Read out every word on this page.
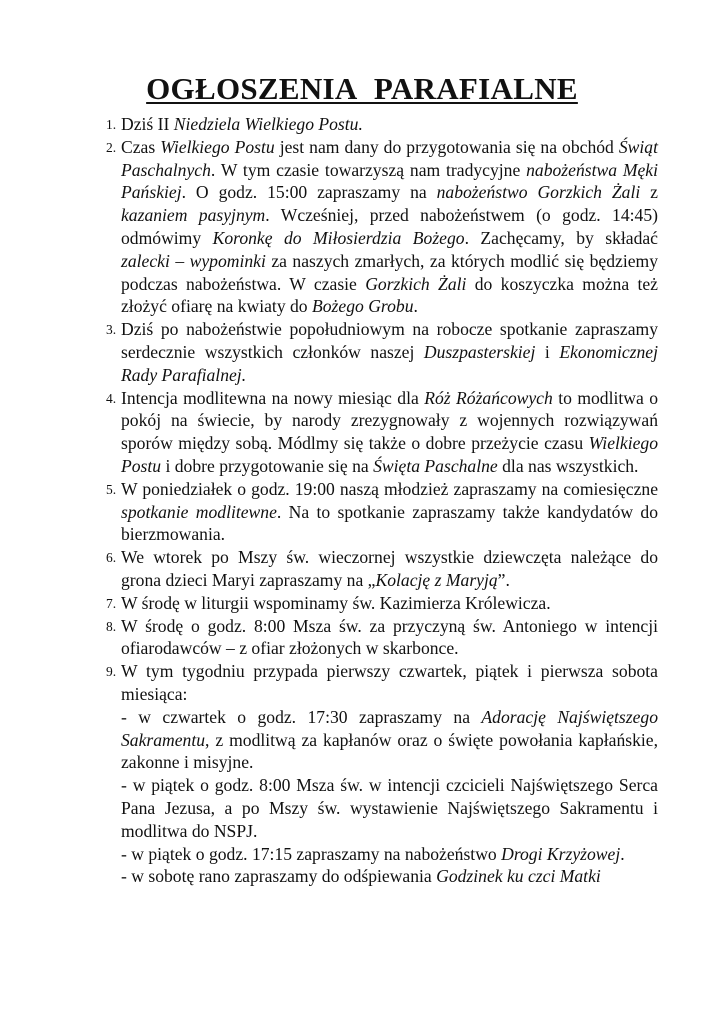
OGŁOSZENIA PARAFIALNE
1. Dziś II Niedziela Wielkiego Postu.
2. Czas Wielkiego Postu jest nam dany do przygotowania się na obchód Świąt Paschalnych. W tym czasie towarzyszą nam tradycyjne nabożeństwa Męki Pańskiej. O godz. 15:00 zapraszamy na nabożeństwo Gorzkich Żali z kazaniem pasyjnym. Wcześniej, przed nabożeństwem (o godz. 14:45) odmówimy Koronkę do Miłosierdzia Bożego. Zachęcamy, by składać zalecki – wypominki za naszych zmarłych, za których modlić się będziemy podczas nabożeństwa. W czasie Gorzkich Żali do koszyczka można też złożyć ofiarę na kwiaty do Bożego Grobu.
3. Dziś po nabożeństwie popołudniowym na robocze spotkanie zapraszamy serdecznie wszystkich członków naszej Duszpasterskiej i Ekonomicznej Rady Parafialnej.
4. Intencja modlitewna na nowy miesiąc dla Róż Różańcowych to modlitwa o pokój na świecie, by narody zrezygnowały z wojennych rozwiązywań sporów między sobą. Módlmy się także o dobre przeżycie czasu Wielkiego Postu i dobre przygotowanie się na Święta Paschalne dla nas wszystkich.
5. W poniedziałek o godz. 19:00 naszą młodzież zapraszamy na comiesięczne spotkanie modlitewne. Na to spotkanie zapraszamy także kandydatów do bierzmowania.
6. We wtorek po Mszy św. wieczornej wszystkie dziewczęta należące do grona dzieci Maryi zapraszamy na „Kolację z Maryją”.
7. W środę w liturgii wspominamy św. Kazimierza Królewicza.
8. W środę o godz. 8:00 Msza św. za przyczyną św. Antoniego w intencji ofiarodawców – z ofiar złożonych w skarbonce.
9. W tym tygodniu przypada pierwszy czwartek, piątek i pierwsza sobota miesiąca:
- w czwartek o godz. 17:30 zapraszamy na Adorację Najświętszego Sakramentu, z modlitwą za kapłanów oraz o święte powołania kapłańskie, zakonne i misyjne.
- w piątek o godz. 8:00 Msza św. w intencji czcicieli Najświętszego Serca Pana Jezusa, a po Mszy św. wystawienie Najświętszego Sakramentu i modlitwa do NSPJ.
- w piątek o godz. 17:15 zapraszamy na nabożeństwo Drogi Krzyżowej.
- w sobotę rano zapraszamy do odśpiewania Godzinek ku czci Matki
